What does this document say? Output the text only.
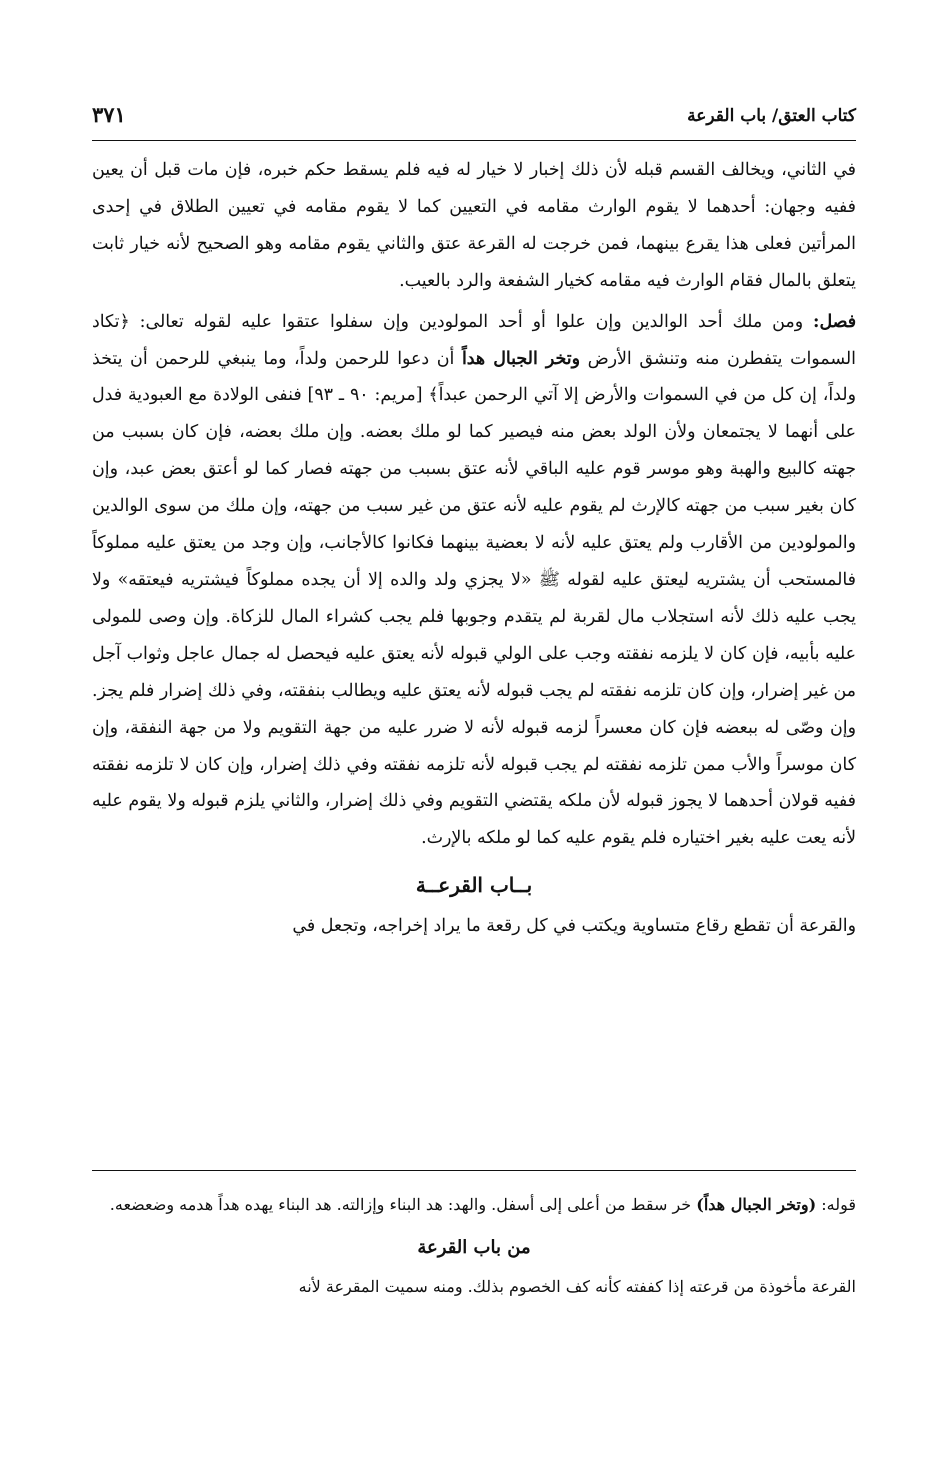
٣٧١	كتاب العتق/ باب القرعة

في الثاني، ويخالف القسم قبله لأن ذلك إخبار لا خيار له فيه فلم يسقط حكم خبره، فإن مات قبل أن يعين ففيه وجهان: أحدهما لا يقوم الوارث مقامه في التعيين كما لا يقوم مقامه في تعيين الطلاق في إحدى المرأتين فعلى هذا يقرع بينهما، فمن خرجت له القرعة عتق والثاني يقوم مقامه وهو الصحيح لأنه خيار ثابت يتعلق بالمال فقام الوارث فيه مقامه كخيار الشفعة والرد بالعيب.

فصل: ومن ملك أحد الوالدين وإن علوا أو أحد المولودين وإن سفلوا عتقوا عليه لقوله تعالى: ﴿تكاد السموات يتفطرن منه وتنشق الأرض وتخر الجبال هداً أن دعوا للرحمن ولداً، وما ينبغي للرحمن أن يتخذ ولداً، إن كل من في السموات والأرض إلا آتي الرحمن عبداً﴾ [مريم: ٩٠ ـ ٩٣] فنفى الولادة مع العبودية فدل على أنهما لا يجتمعان ولأن الولد بعض منه فيصير كما لو ملك بعضه. وإن ملك بعضه، فإن كان بسبب من جهته كالبيع والهبة وهو موسر قوم عليه الباقي لأنه عتق بسبب من جهته فصار كما لو أعتق بعض عبد، وإن كان بغير سبب من جهته كالإرث لم يقوم عليه لأنه عتق من غير سبب من جهته، وإن ملك من سوى الوالدين والمولودين من الأقارب ولم يعتق عليه لأنه لا بعضية بينهما فكانوا كالأجانب، وإن وجد من يعتق عليه مملوكاً فالمستحب أن يشتريه ليعتق عليه لقوله ﷺ «لا يجزي ولد والده إلا أن يجده مملوكاً فيشتريه فيعتقه» ولا يجب عليه ذلك لأنه استجلاب مال لقربة لم يتقدم وجوبها فلم يجب كشراء المال للزكاة. وإن وصى للمولى عليه بأبيه، فإن كان لا يلزمه نفقته وجب على الولي قبوله لأنه يعتق عليه فيحصل له جمال عاجل وثواب آجل من غير إضرار، وإن كان تلزمه نفقته لم يجب قبوله لأنه يعتق عليه ويطالب بنفقته، وفي ذلك إضرار فلم يجز. وإن وصّى له ببعضه فإن كان معسراً لزمه قبوله لأنه لا ضرر عليه من جهة التقويم ولا من جهة النفقة، وإن كان موسراً والأب ممن تلزمه نفقته لم يجب قبوله لأنه تلزمه نفقته وفي ذلك إضرار، وإن كان لا تلزمه نفقته ففيه قولان أحدهما لا يجوز قبوله لأن ملكه يقتضي التقويم وفي ذلك إضرار، والثاني يلزم قبوله ولا يقوم عليه لأنه يعت عليه بغير اختياره فلم يقوم عليه كما لو ملكه بالإرث.

بــاب القرعــة

والقرعة أن تقطع رقاع متساوية ويكتب في كل رقعة ما يراد إخراجه، وتجعل في

قوله: (وتخر الجبال هداً) خر سقط من أعلى إلى أسفل. والهد: هد البناء وإزالته. هد البناء يهده هداً هدمه وضعضعه.

من باب القرعة

القرعة مأخوذة من قرعته إذا كففته كأنه كف الخصوم بذلك. ومنه سميت المقرعة لأنه
